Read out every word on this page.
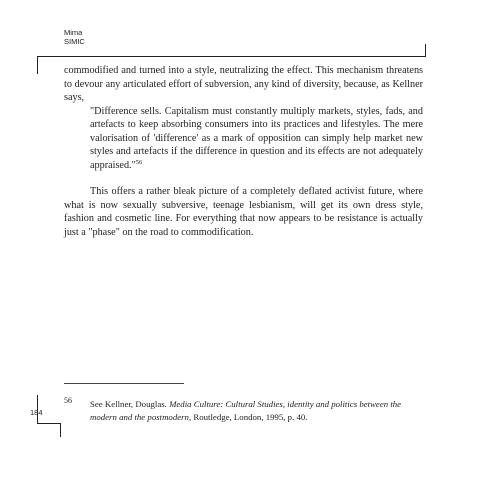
Mima
SIMIC

commodified and turned into a style, neutralizing the effect. This mechanism threatens to devour any articulated effort of subversion, any kind of diversity, because, as Kellner says,

"Difference sells. Capitalism must constantly multiply markets, styles, fads, and artefacts to keep absorbing consumers into its practices and lifestyles. The mere valorisation of 'difference' as a mark of opposition can simply help market new styles and artefacts if the difference in question and its effects are not adequately appraised."$^{56}$

This offers a rather bleak picture of a completely deflated activist future, where what is now sexually subversive, teenage lesbianism, will get its own dress style, fashion and cosmetic line. For everything that now appears to be resistance is actually just a "phase" on the road to commodification.

56 See Kellner, Douglas. Media Culture: Cultural Studies, identity and politics between the modern and the postmodern, Routledge, London, 1995, p. 40.
184
